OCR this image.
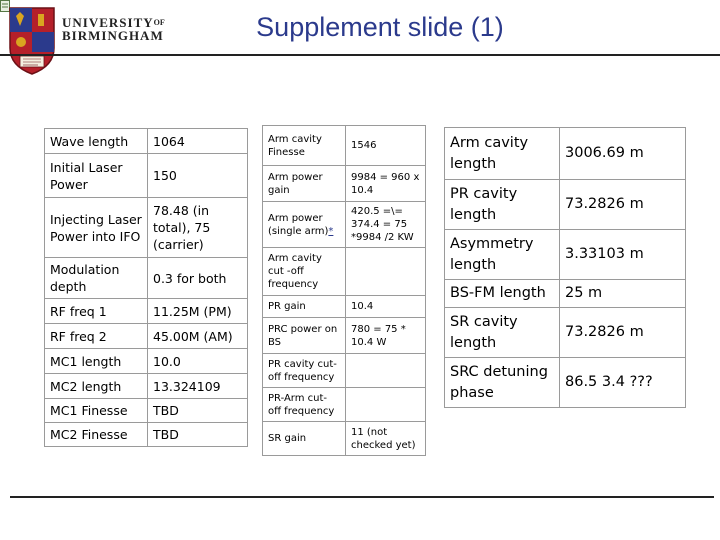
$UNIVERSITY^{OF}$
BIRMINGHAM	Supplement slide (1)
Wave length	1064
Initial Laser Power	150
Injecting Laser Power into IFO	78.48 (in total), 75 (carrier)
Modulation depth	0.3 for both
RF freq 1	11.25M (PM)
RF freq 2	45.00M (AM)
MC1 length	10.0
MC2 length	13.324109
MC1 Finesse	TBD
MC2 Finesse	TBD
Arm cavity Finesse	1546
Arm power gain	9984 = 960 x 10.4
Arm power (single arm)*	420.5 =\= 374.4 = 75 *9984 /2 KW
Arm cavity cut -off frequency	
PR gain	10.4
PRC power on BS	780 = 75 * 10.4 W
PR cavity cut-off frequency	
PR-Arm cut-off frequency	
SR gain	11 (not checked yet)
Arm cavity length	3006.69 m
PR cavity length	73.2826 m
Asymmetry length	3.33103 m
BS-FM length	25 m
SR cavity length	73.2826 m
SRC detuning phase	86.5 3.4 ???
